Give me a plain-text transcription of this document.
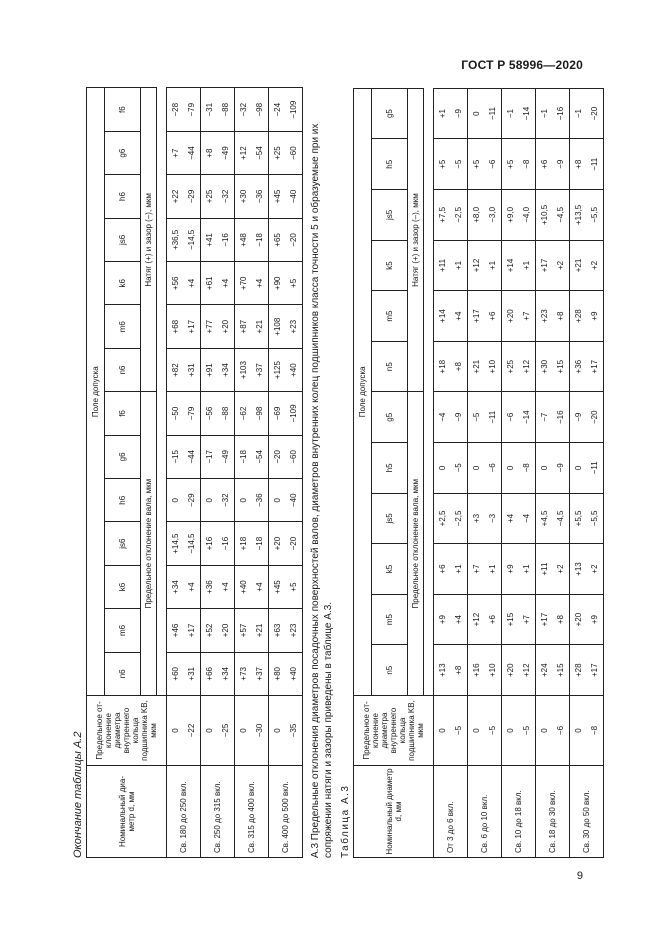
ГОСТ Р 58996—2020
Окончание таблицы А.2	Номинальный диа-метр d, мм	Предельное от-клонение диаметра внутреннего кольца подшипника KB, мкм	Поле допуска													
		n6	m6	k6	js6	h6	g6	f6	n6	m6	k6	js6	h6	g6	f6
		Предельное отклонение вала, мкм							Натяг (+) и зазор (–), мкм						

Св. 180 до 250 вкл.	0	+60	+46	+34	+14,5	0	−15	−50	+82	+68	+56	+36,5	+22	+7	−28
	−22	+31	+17	+4	−14,5	−29	−44	−79	+31	+17	+4	−14,5	−29	−44	−79
Св. 250 до 315 вкл.	0	+66	+52	+36	+16	0	−17	−56	+91	+77	+61	+41	+25	+8	−31
	−25	+34	+20	+4	−16	−32	−49	−88	+34	+20	+4	−16	−32	−49	−88
Св. 315 до 400 вкл.	0	+73	+57	+40	+18	0	−18	−62	+103	+87	+70	+48	+30	+12	−32
	−30	+37	+21	+4	−18	−36	−54	−98	+37	+21	+4	−18	−36	−54	−98
Св. 400 до 500 вкл.	0	+80	+63	+45	+20	0	−20	−69	+125	+108	+90	+65	+45	+25	−24
	−35	+40	+23	+5	−20	−40	−60	−109	+40	+23	+5	−20	−40	−60	−109
А.3 Предельные отклонения диаметров посадочных поверхностей валов, диаметров внутренних колец подшипников класса точности 5 и образуемые при их сопряжении натяги и зазоры приведены в таблице А.3. Таблица А.3	Номинальный диаметр d, мм	Предельное от-клонение диаметра внутреннего кольца подшипника KB, мкм	Поле допуска											
		n5	m5	k5	js5	h5	g5	n5	m5	k5	js5	h5	g5
		Предельное отклонение вала, мкм						Натяг (+) и зазор (–), мкм					

От 3 до 6 вкл.	0	+13	+9	+6	+2,5	0	−4	+18	+14	+11	+7,5	+5	+1
	−5	+8	+4	+1	−2,5	−5	−9	+8	+4	+1	−2,5	−5	−9
Св. 6 до 10 вкл.	0	+16	+12	+7	+3	0	−5	+21	+17	+12	+8,0	+5	0
	−5	+10	+6	+1	−3	−6	−11	+10	+6	+1	−3,0	−6	−11
Св. 10 до 18 вкл.	0	+20	+15	+9	+4	0	−6	+25	+20	+14	+9,0	+5	−1
	−5	+12	+7	+1	−4	−8	−14	+12	+7	+1	−4,0	−8	−14
Св. 18 до 30 вкл.	0	+24	+17	+11	+4,5	0	−7	+30	+23	+17	+10,5	+6	−1
	−6	+15	+8	+2	−4,5	−9	−16	+15	+8	+2	−4,5	−9	−16
Св. 30 до 50 вкл.	0	+28	+20	+13	+5,5	0	−9	+36	+28	+21	+13,5	+8	−1
	−8	+17	+9	+2	−5,5	−11	−20	+17	+9	+2	−5,5	−11	−20
9
